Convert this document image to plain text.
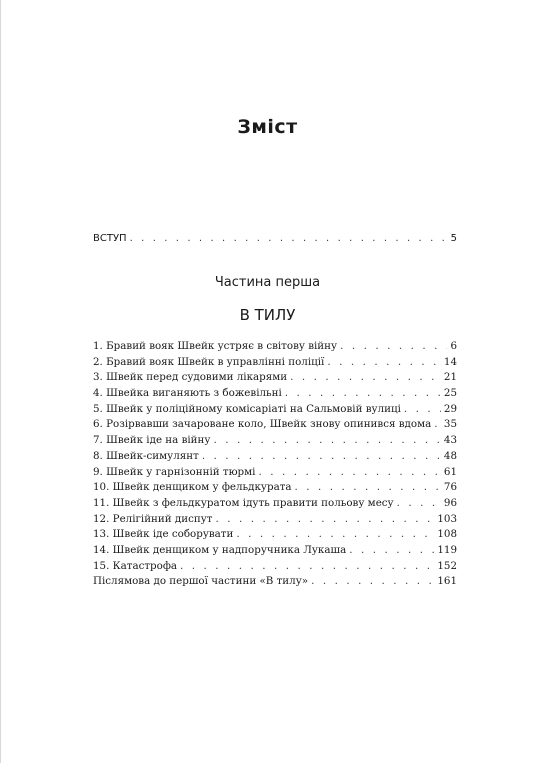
Зміст
ВСТУП . . .	5
Частина перша
В ТИЛУ
1. Бравий вояк Швейк устряє в світову війну . . .	6
2. Бравий вояк Швейк в управлінні поліції . . .	14
3. Швейк перед судовими лікарями . . .	21
4. Швейка виганяють з божевільні . . .	25
5. Швейк у поліційному комісаріаті на Сальмовій вулиці . . .	29
6. Розірвавши зачароване коло, Швейк знову опинився вдома . . . 35
7. Швейк іде на війну . . .	43
8. Швейк-симулянт . . .	48
9. Швейк у гарнізонній тюрмі . . .	61
10. Швейк денщиком у фельдкурата . . .	76
11. Швейк з фельдкуратом ідуть правити польову месу . . .	96
12. Релігійний диспут . . .	103
13. Швейк іде соборувати . . .	108
14. Швейк денщиком у надпоручника Лукаша . . .	119
15. Катастрофа . . .	152
Післямова до першої частини «В тилу» . . .	161
